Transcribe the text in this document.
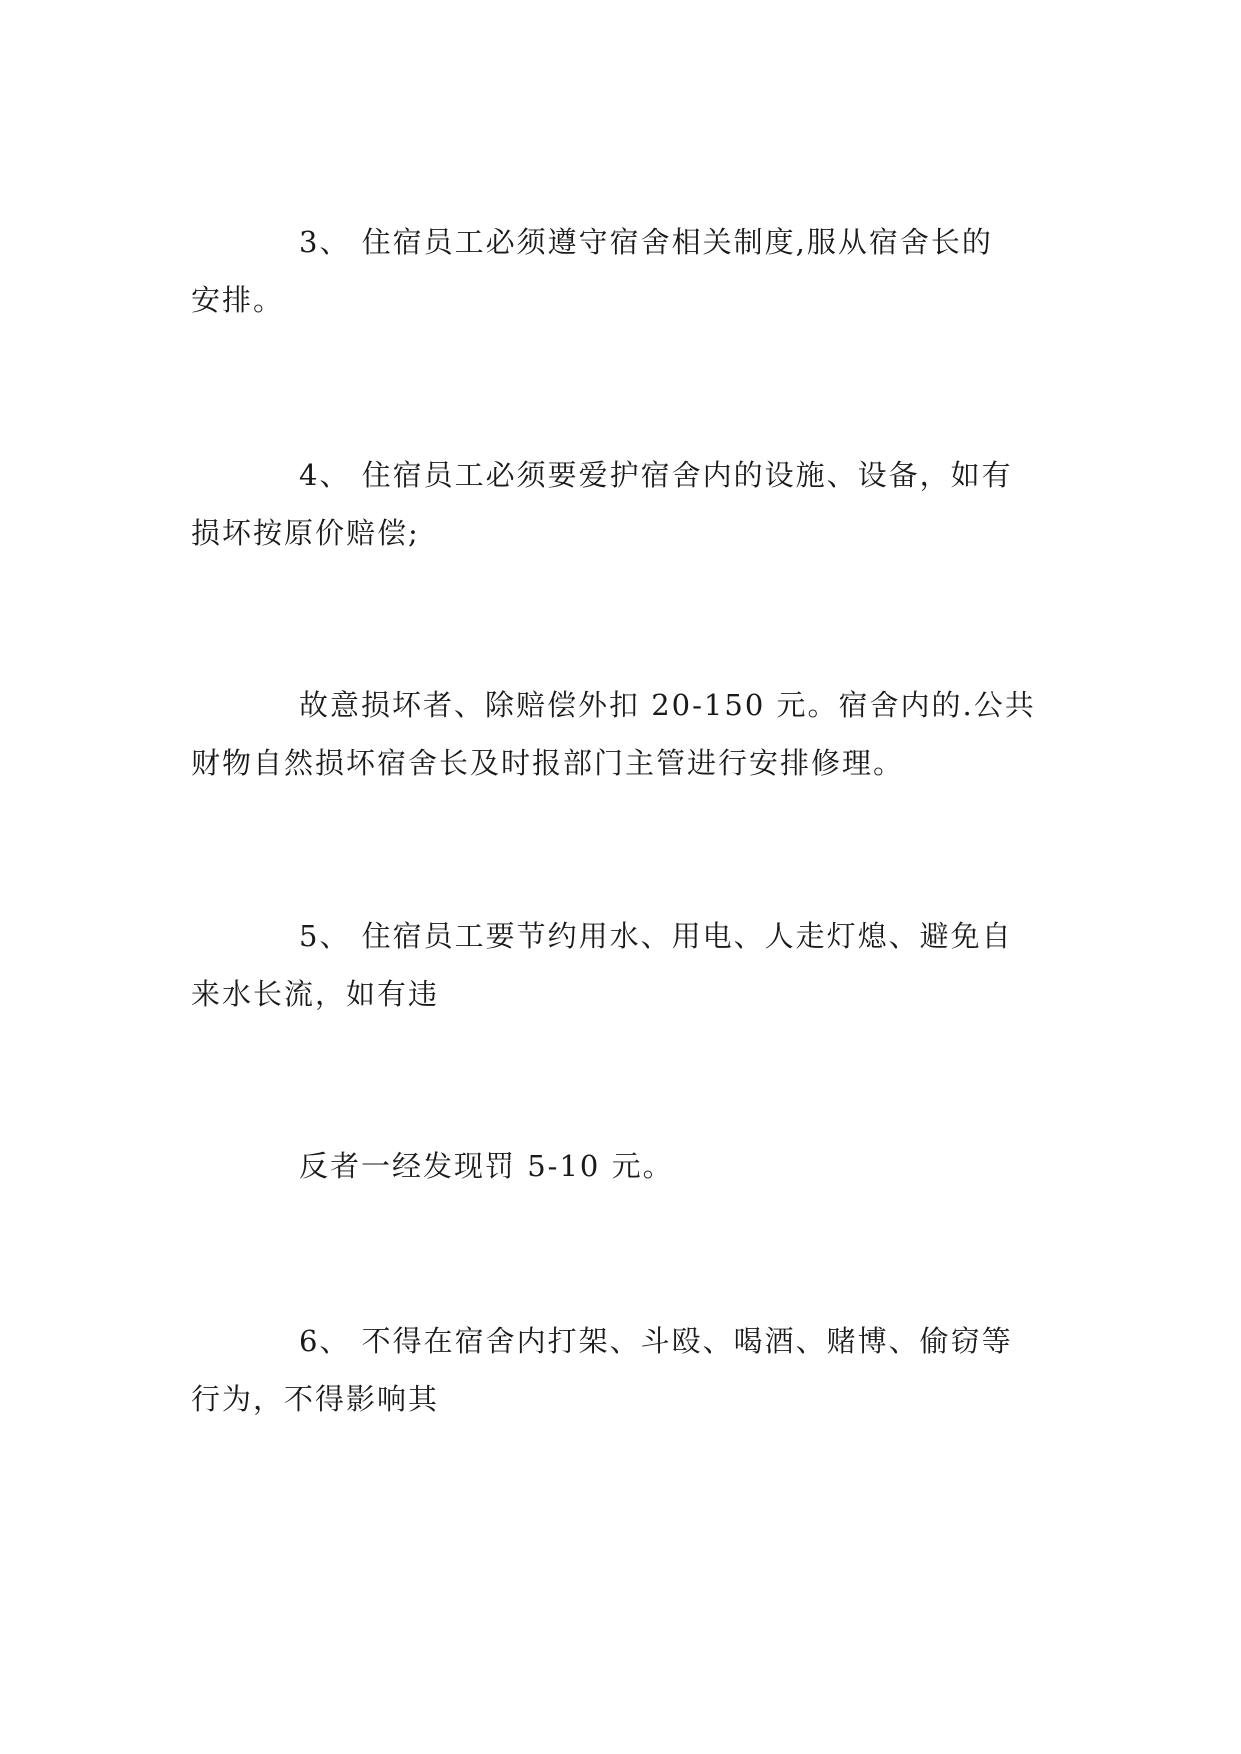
3、 住宿员工必须遵守宿舍相关制度,服从宿舍长的
安排。
4、 住宿员工必须要爱护宿舍内的设施、设备，如有
损坏按原价赔偿;
故意损坏者、除赔偿外扣 20-150 元。宿舍内的.公共
财物自然损坏宿舍长及时报部门主管进行安排修理。
5、 住宿员工要节约用水、用电、人走灯熄、避免自
来水长流，如有违
反者一经发现罚 5-10 元。
6、 不得在宿舍内打架、斗殴、喝酒、赌博、偷窃等
行为，不得影响其
